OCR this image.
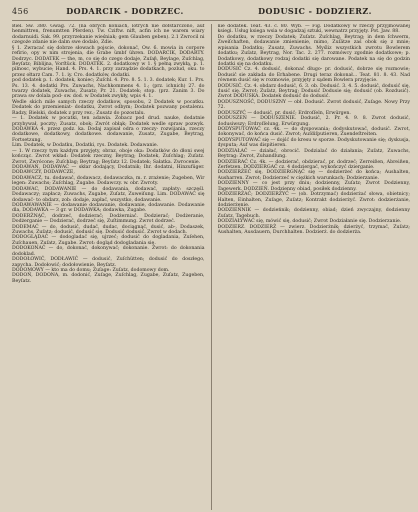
456	DODARCIK - DODRZEC.	DODUSIC - DODZIERZ.

Biel. Sw. 380. Gwag. 72. (na obrych koniach, lotrych nie dofstarczono, auf henmittren, frenumtten Pferden). Tw. Cziftw. nift, acfin ich ne warem wiary dodarnuidi. Sak. 99. przyrzekanie wieśniak; gem Glauben geben). 2.1 Zwrocil ni czegoże zdanie nie dalm swe dodalo, Zdie.

§ 1. Zwracać się dobrze słowach pojscie, dokonać, Ow. 6. mowia in corpore refirio, opy w nim strojenia, die Grabe ümbf ühren. DODARCIK, DODARTY. Dodrzyc. DODATEK — the, m, co się do czego dodaje, Zuſaβ, Beylage, Zuſchlag, Beyſatz; Biblijna, Vorſtück. DODATEK. 2. dodatkowy w 1. § pełną zwykłą, p. 1. pilnosc, wybucie; Hand. 4. Prs. 4. 1. przy zarządzie dodatkach, pozlud, oku. to przez ołtarz Cam. 7. 1. iy. Cro. dodatków, dodatki.

pod dodatek p. 1. dodatek, koniec; Zuſchl. 4. Pro. 8. 5. 1. 3. dodatek; Kur. 1. Prs. Ps. 13. 4. dodatki Prs. Zuwachs, Nachkommens 4. 1.; (prz. ichnich) 27. do twarzy dodatek, Zuwachs, Zusatz; Pr. 21. Dodatek; stop. (prz. Zanim 3. Do prawa sw dolala pod- sw. dod. w Dodatek zwykły, wpis 4. 1.

Wedle skich mile samych rzeczy dodatkow, sposobu, 2 Dodatek w pocatku. Dodatek do przemieniat- dodatku, Zwrot odbym; Dodatek pozwany postalenu. Radzy, Bielski, dodatek z przy rez.; Zusatz do pozostalu.

— 1. Dodatek w pocatki, ten adawia. Zobacz pod drud. nauke, dodatnie przybywał, poczty; Zusatz, obok; Zwrót obłąk; Dodatek wedle spraw pozwyk. DODAWKA 4. przez godz. ka. Dodaj zapisał odra o rzeczy- rozwijania, rzeczy dodatkowe, dodatkowy, dodatkowe. dodawanie, Zusatz, Zugabe, Beytrag, Fortsetzung.

Lim. Dodatek, w Dodatku, Dodatki, rys. Dodatek. Dodawanie.

— 1. W rzeczy tym każdym przyjęty, obraz, oboje oka: Dodatków do dłoni swej kończąc. Zwrot wkład: Dodatek rzeczny, Beytrag; Dodatek, Zuſchlag; Zuſatz. Zwrot, Zwrócone; Zuſchlag; Beytrag; Beyſatz 12. Dodatek; Sałatka. Zwrocenie.

DODAWAŃ, DODAWAĆ — skłar dodający, Dodatnik; Ihr. dodatni, Hinzufüger. DODAWCZY, DODAWCZE,

DODAWACZ, tu. dodawać, dodawacz, dodawaczka, m. r. zrażenie; Zugeben, Wir legen: Zuwachs; Zuſchlag, Zugabe. Dodawczy. w. obr. Zwroty.

DODAWAC, DODAWANIE — do dodawania, dodawać, zapłaty: szczęśl. Dodawaczy; zapłacz; Zuwachs, Zugabe, Zuſatz, Zuweiſung. Lim. DODAWAĆ się dodawać- to obdarz, zob: dodaje, zapłać, wszystko, dodawanie.

DODAWAWANIE — dodawanie dodawanie, dodawanie, dodawanie. Dodawanie dla, DODAWKA — 3 gr. w DODAWKA; dodawka, Zugabe.

DODERŻNĄĆ, dodrzeć, dodzierać; Dodżerniać. Dodzierać; Dodżeranie, Dodżerganie — Dodzierać, dodrzeć się, Zuſtimmung. Zwrot dodrzeć.

DODEMAĆ — do, dodusić, dudać, dudac, dociągnąć, dusić, ab-, Dodaszek, Zuwachs, Zuſatz; dodusić, dodusić się. Dodusić dodusić. Zwrot w dodach.

DODOGLĄDAĆ — dodogladać się, ujrzeć; dodusić do dogladania, Zuſehen, Zuſchauen, Zuſatz, Zugabe. Zwrot: dogląd dodogladania się.

DODOKONAĆ — do, dokonać, dokonywać; dokonanie. Zwrot: do dokonania dodoklad.

DODOŁOWIĆ, DODŁAWIĆ — dodusić, Zuſchütten; dodusić do doszłego, zapycha. Dodołowić; dodołowienie, Beyſatz.

DODOMOWY — kto ma do domu; Zuſage: Zuſatz, dodomowy dom.

DODOŃ, DODONA, m. dodonić, Zuſage, Zuſchlag, Zugabe, Zuſatz, Zugeben, Beyſatz.

nie dodatek. Teat. 43. c. 80. Wyb. — Fig. Dodatkowy w rzeczy przyjmowanej ksiegi. Usług ksiega wsia w dogadzaj sztuki, wewnatrz przyjęty. Pot. Jaw. 88.

Do dodatku, w rzeczy Dodatek; Zuſatz. Zuſchlag, Beytrag; in dem ſchwerm, Zweiſchaften, dodawanie zmienienie, mimo, Zuſätze zaś obok się z mnie; wpisania Dodatku; Zusatz, Zuwachs. Myśliz wszystkich zwrotu Bowlerem dodatku; Zuſatz, Beytrag, Nor. Tac. 2. 277. rozmówcy zgodnie dodatkowe; p. Dodatkowy, dodatkowy rodzaj dodatki się darowane. Podatek na się do godzin dodatki się na dodatku.

DODUSIĆ Cz. 4. dodusić, dokonać długo- pr. dodusić, dobrze się rozmowie; Dodusić sie zakłada do Erhabene. Drugi teraz dokonał... Teat. 81. 8. 43. Nad równem dusić się w rozmowie, przyjęty z sądem Bowlera przyjęcie.

DODUSIĆ. Cz. 4. obdarz dodusić, 6. 3. ob. Dodusić. 3. 4. 5. dodusić, dodusić się, dusić się. Zwrot; Zuſatz, Beytrag; Dodusić Dodusie się; dodusić (ob. Rozdusić). Zwrot DODUSKA. Dodatek dodusić do dodusić.

DODUSZNOŚĆ, DODUSZNY — obł. Dodusić. Zwrot dodusić, Zuſage. Nowy Przy 72.

DODUSZYĆ — dodusić, pr. dusić; Erdroſſeln, Erwürgen.

DODUSZEŃ — DODUSZENIE. Dodusić, 2. Pr. 4. 9. 8. Zwrot dodusić, dodusiwszy; Erdroſſelung, Erwürgung.

DODYSPUTOWAĆ cz. 4k. — do dyspowania; dodyskutować, dodusić. Zwrot, dokonywać, do końca dusić. Zwrot; Auſdiſputieren, Zuendeſtreiten.

DODYSPUTOWAĆ się — dojść do kresu w sporze. Dodyskutowanie się; dyskusja, dysputa; Auf was dispitieren.

DODZIAŁAĆ — działać, obrocić. Dodzialać do działania; Zuſatz, Zuwachs, Beytrag: Zwrot, Zuhandlung.

DODZIERAĆ Cz. 4k. — dodzierać, obdzierać, pr. dodrzeć; Zerreißen, Abreißen, Zerfetzen. DODZIERGAĆ cz. 4 dodziergać, wykończyć dzierganie.

DODZIERŻEĆ się, DODZIERGNĄĆ się — dodzierżeć do końca; Aushalten, Ausharren. Zwrot; Dodzierzeć w ciężkich warunkach; Dodzierzanie.

DODZIENNY — co jest przy dniu; dodzienny, Zuſatz; Zwrot Dodzienny, Tagewerk. DODZIEŃ. Dodzienny obiad, posiłek dodzienny.

DODZIERŻAĆ; DODZIERŻYĆ — (ob. Dotrzymać) dodzierżać słowa, obietnicy; Halten, Einhalten, Zuſage, Zuſatz; Kontrakt dodzierżyć. Zwrot: dodzierżanie, dodzierżenie.

DODZIEŃNIK — dodzieńnik; dodzienny, obiad; dzień zwyczajny, dodzienny Zuſatz, Tagebuch.

DODZIAŁYWAĆ się, mówić się, dodusić; Zwrot Dodziałanie się. Dodzierzanie.

DODZIERZ. DODZIERŻ — zwierz. Dodzierżnik; dzierżyć, trzymać, Zuſatz; Aushalten, Ausdauern, Durchhalten. Dodzierż. do dodzierża.
